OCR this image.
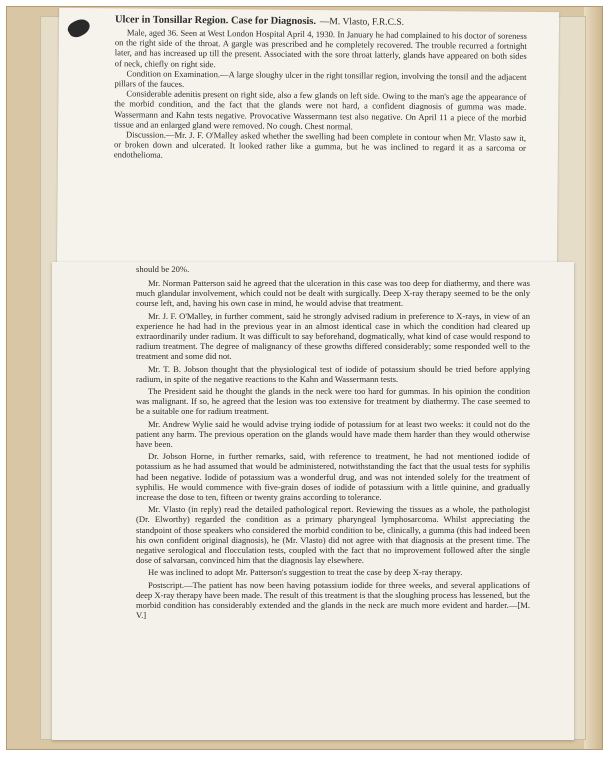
Ulcer in Tonsillar Region. Case for Diagnosis. —M. Vlasto, F.R.C.S.

Male, aged 36. Seen at West London Hospital April 4, 1930. In January he had complained to his doctor of soreness on the right side of the throat. A gargle was prescribed and he completely recovered. The trouble recurred a fortnight later, and has increased up till the present. Associated with the sore throat latterly, glands have appeared on both sides of neck, chiefly on right side.

Condition on Examination.—A large sloughy ulcer in the right tonsillar region, involving the tonsil and the adjacent pillars of the fauces.

Considerable adenitis present on right side, also a few glands on left side. Owing to the man's age the appearance of the morbid condition, and the fact that the glands were not hard, a confident diagnosis of gumma was made. Wassermann and Kahn tests negative. Provocative Wassermann test also negative. On April 11 a piece of the morbid tissue and an enlarged gland were removed. No cough. Chest normal.

Discussion.—Mr. J. F. O'Malley asked whether the swelling had been complete in contour when Mr. Vlasto saw it, or broken down and ulcerated. It looked rather like a gumma, but he was inclined to regard it as a sarcoma or endothelioma.

should be 20%.

Mr. Norman Patterson said he agreed that the ulceration in this case was too deep for diathermy, and there was much glandular involvement, which could not be dealt with surgically. Deep X-ray therapy seemed to be the only course left, and, having his own case in mind, he would advise that treatment.

Mr. J. F. O'Malley, in further comment, said he strongly advised radium in preference to X-rays, in view of an experience he had had in the previous year in an almost identical case in which the condition had cleared up extraordinarily under radium. It was difficult to say beforehand, dogmatically, what kind of case would respond to radium treatment. The degree of malignancy of these growths differed considerably; some responded well to the treatment and some did not.

Mr. T. B. Jobson thought that the physiological test of iodide of potassium should be tried before applying radium, in spite of the negative reactions to the Kahn and Wassermann tests.

The President said he thought the glands in the neck were too hard for gummas. In his opinion the condition was malignant. If so, he agreed that the lesion was too extensive for treatment by diathermy. The case seemed to be a suitable one for radium treatment.

Mr. Andrew Wylie said he would advise trying iodide of potassium for at least two weeks: it could not do the patient any harm. The previous operation on the glands would have made them harder than they would otherwise have been.

Dr. Jobson Horne, in further remarks, said, with reference to treatment, he had not mentioned iodide of potassium as he had assumed that would be administered, notwithstanding the fact that the usual tests for syphilis had been negative. Iodide of potassium was a wonderful drug, and was not intended solely for the treatment of syphilis. He would commence with five-grain doses of iodide of potassium with a little quinine, and gradually increase the dose to ten, fifteen or twenty grains according to tolerance.

Mr. Vlasto (in reply) read the detailed pathological report. Reviewing the tissues as a whole, the pathologist (Dr. Elworthy) regarded the condition as a primary pharyngeal lymphosarcoma. Whilst appreciating the standpoint of those speakers who considered the morbid condition to be, clinically, a gumma (this had indeed been his own confident original diagnosis), he (Mr. Vlasto) did not agree with that diagnosis at the present time. The negative serological and flocculation tests, coupled with the fact that no improvement followed after the single dose of salvarsan, convinced him that the diagnosis lay elsewhere.

He was inclined to adopt Mr. Patterson's suggestion to treat the case by deep X-ray therapy.

Postscript.—The patient has now been having potassium iodide for three weeks, and several applications of deep X-ray therapy have been made. The result of this treatment is that the sloughing process has lessened, but the morbid condition has considerably extended and the glands in the neck are much more evident and harder.—[M. V.]
